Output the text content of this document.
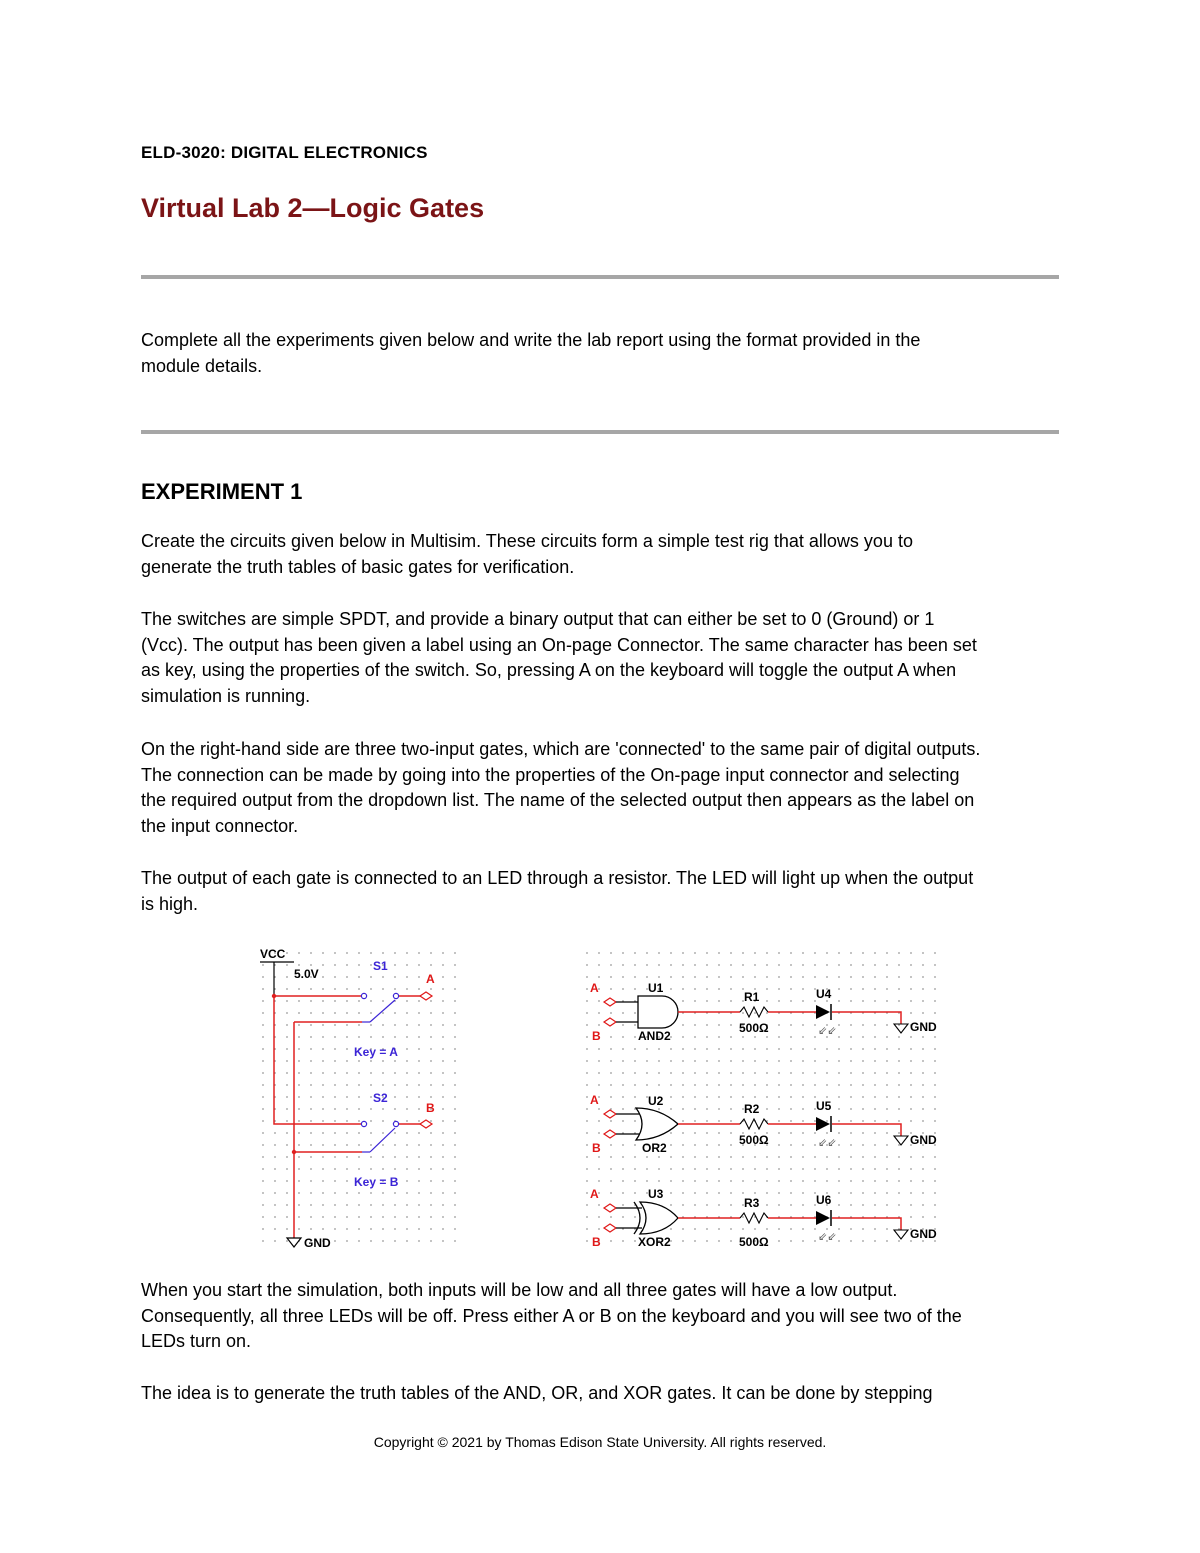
ELD-3020: DIGITAL ELECTRONICS
Virtual Lab 2—Logic Gates

Complete all the experiments given below and write the lab report using the format provided in the
module details.

EXPERIMENT 1

Create the circuits given below in Multisim. These circuits form a simple test rig that allows you to
generate the truth tables of basic gates for verification.

The switches are simple SPDT, and provide a binary output that can either be set to 0 (Ground) or 1
(Vcc). The output has been given a label using an On-page Connector. The same character has been set
as key, using the properties of the switch. So, pressing A on the keyboard will toggle the output A when
simulation is running.

On the right-hand side are three two-input gates, which are 'connected' to the same pair of digital outputs.
The connection can be made by going into the properties of the On-page input connector and selecting
the required output from the dropdown list. The name of the selected output then appears as the label on
the input connector.

The output of each gate is connected to an LED through a resistor. The LED will light up when the output
is high.

VCC
5.0V
S1
Key = A
A
S2
Key = B
B
GND
A
B
U1
AND2
R1
500Ω
U4
⇙⇙	GND
A
B
U2
OR2
R2
500Ω
U5
⇙⇙	GND
A
B
U3
XOR2
R3
500Ω
U6
⇙⇙	GND

When you start the simulation, both inputs will be low and all three gates will have a low output.
Consequently, all three LEDs will be off. Press either A or B on the keyboard and you will see two of the
LEDs turn on.

The idea is to generate the truth tables of the AND, OR, and XOR gates. It can be done by stepping

Copyright © 2021 by Thomas Edison State University. All rights reserved.
